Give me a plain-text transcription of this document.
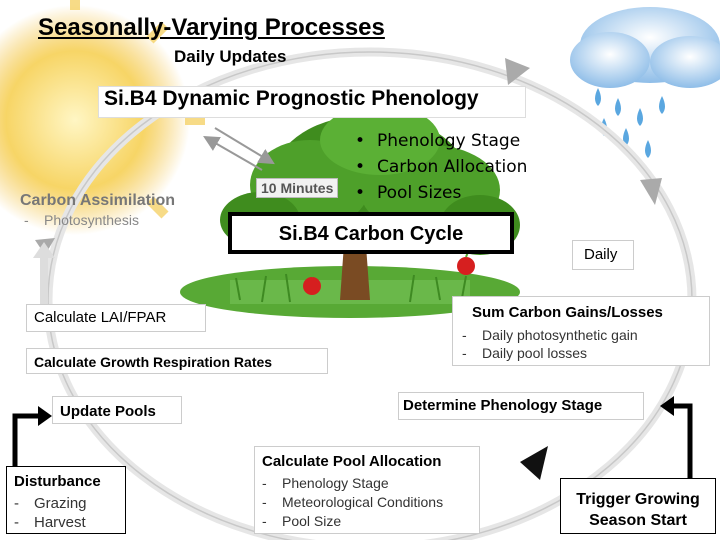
Seasonally-Varying Processes
Daily Updates
Si.B4 Dynamic Prognostic Phenology
• Phenology Stage
• Carbon Allocation
• Pool Sizes
10 Minutes
Si.B4 Carbon Cycle
Carbon Assimilation
- Photosynthesis
Daily
Calculate LAI/FPAR	Sum Carbon Gains/Losses
- Daily photosynthetic gain
- Daily pool losses
Calculate Growth Respiration Rates
Update Pools	Determine Phenology Stage
Calculate Pool Allocation
- Phenology Stage
- Meteorological Conditions
- Pool Size
Disturbance
- Grazing
- Harvest
Trigger Growing
Season Start
